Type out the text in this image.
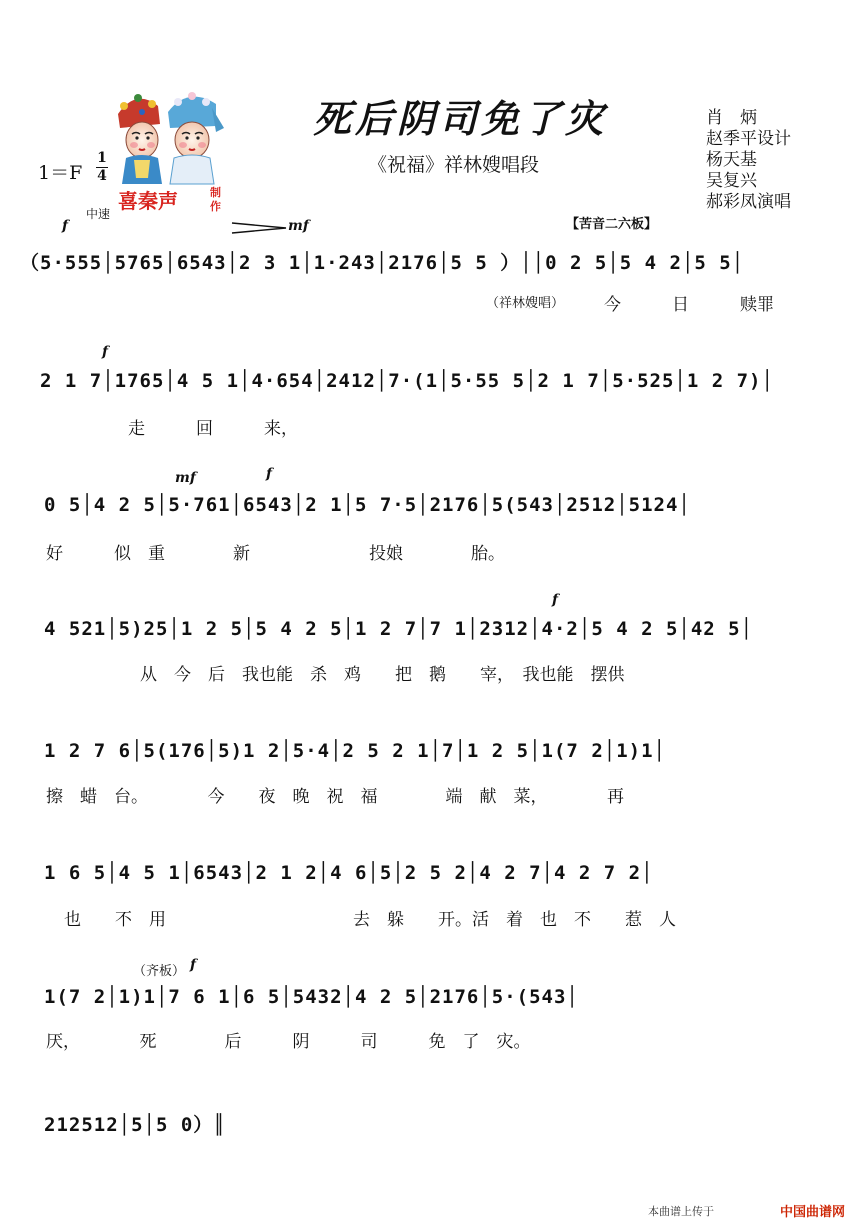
喜秦声	制
作
死后阴司免了灾
《祝福》祥林嫂唱段
肖　炳
赵季平设计
杨天基
吴复兴
郝彩凤演唱
1＝F
1
4
f
中速
mf	【苦音二六板】
（5·555│5765│6543│2 3 1│1·243│2176│5 5 ）││0 2 5│5 4 2│5 5│
（祥林嫂唱） 今　　　日　　　赎罪
f
2 1 7│1765│4 5 1│4·654│2412│7·(1│5·55 5│2 1 7│5·525│1 2 7)│
走　　　回　　　来，
mf	f
0 5│4 2 5│5·761│6543│2 1│5 7·5│2176│5(543│2512│5124│
好　　　似　重　　　　新　　　　　　　投娘　　　　胎。
f
4 521│5)25│1 2 5│5 4 2 5│1 2 7│7 1│2312│4·2│5 4 2 5│42 5│
从　今　后　我也能　杀　鸡　　把　鹅　　宰，　我也能　摆供
1 2 7 6│5(176│5)1 2│5·4│2 5 2 1│7│1 2 5│1(7 2│1)1│
擦　蜡　台。　　　　今　　夜　晚　祝　福　　　　端　献　菜，　　　　再
1 6 5│4 5 1│6543│2 1 2│4 6│5│2 5 2│4 2 7│4 2 7 2│
也　　不　用　　　　　　　　　　　去　躲　　开。活　着　也　不　　惹　人
（齐板） f
1(7 2│1)1│7 6 1│6 5│5432│4 2 5│2176│5·(543│
厌，　　　　死　　　　后　　　阴　　　司　　　免　了　灾。
212512│5│5 0）║
本曲谱上传于	中国曲谱网
